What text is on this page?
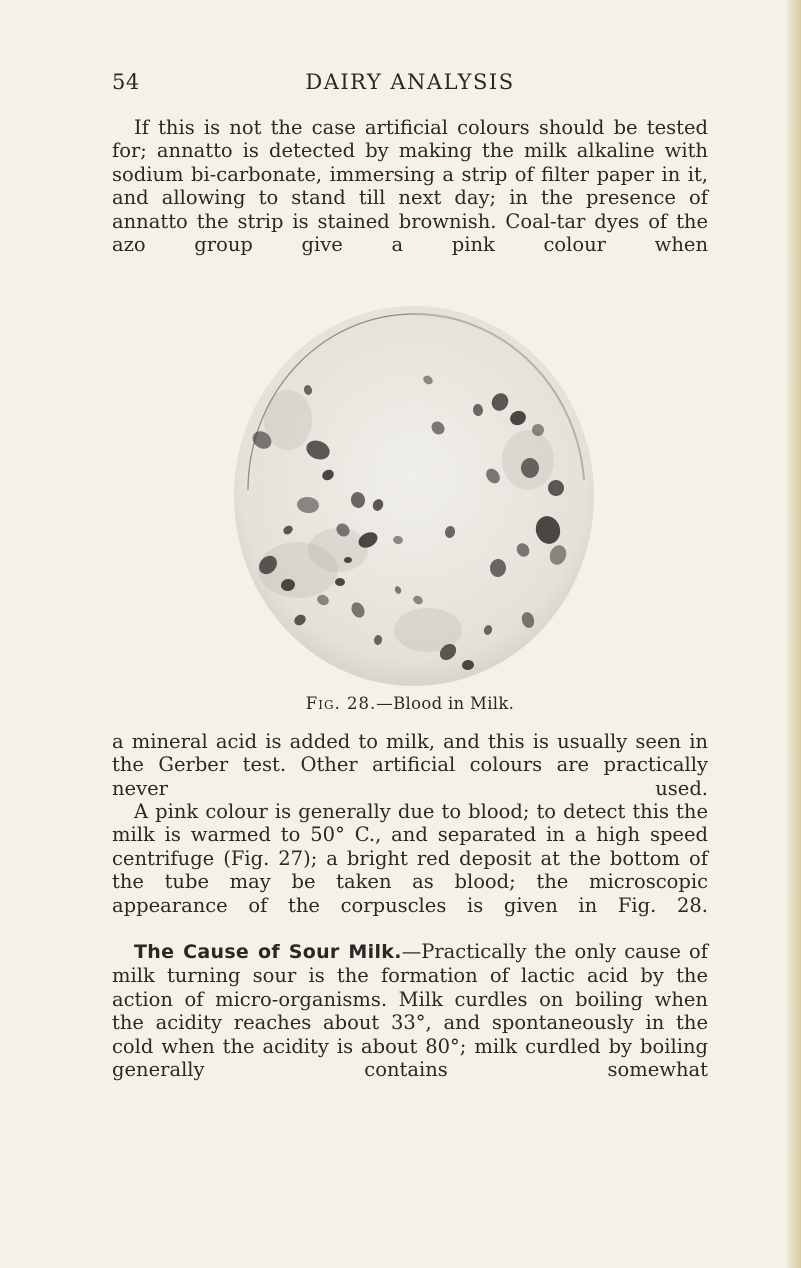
54	DAIRY ANALYSIS

If this is not the case artificial colours should be tested for; annatto is detected by making the milk alkaline with sodium bi-carbonate, immersing a strip of filter paper in it, and allowing to stand till next day; in the presence of annatto the strip is stained brownish. Coal-tar dyes of the azo group give a pink colour when

Fig. 28.—Blood in Milk.

a mineral acid is added to milk, and this is usually seen in the Gerber test. Other artificial colours are practically never used.

A pink colour is generally due to blood; to detect this the milk is warmed to 50° C., and separated in a high speed centrifuge (Fig. 27); a bright red deposit at the bottom of the tube may be taken as blood; the microscopic appearance of the corpuscles is given in Fig. 28.

The Cause of Sour Milk.—Practically the only cause of milk turning sour is the formation of lactic acid by the action of micro-organisms. Milk curdles on boiling when the acidity reaches about 33°, and spontaneously in the cold when the acidity is about 80°; milk curdled by boiling generally contains somewhat
